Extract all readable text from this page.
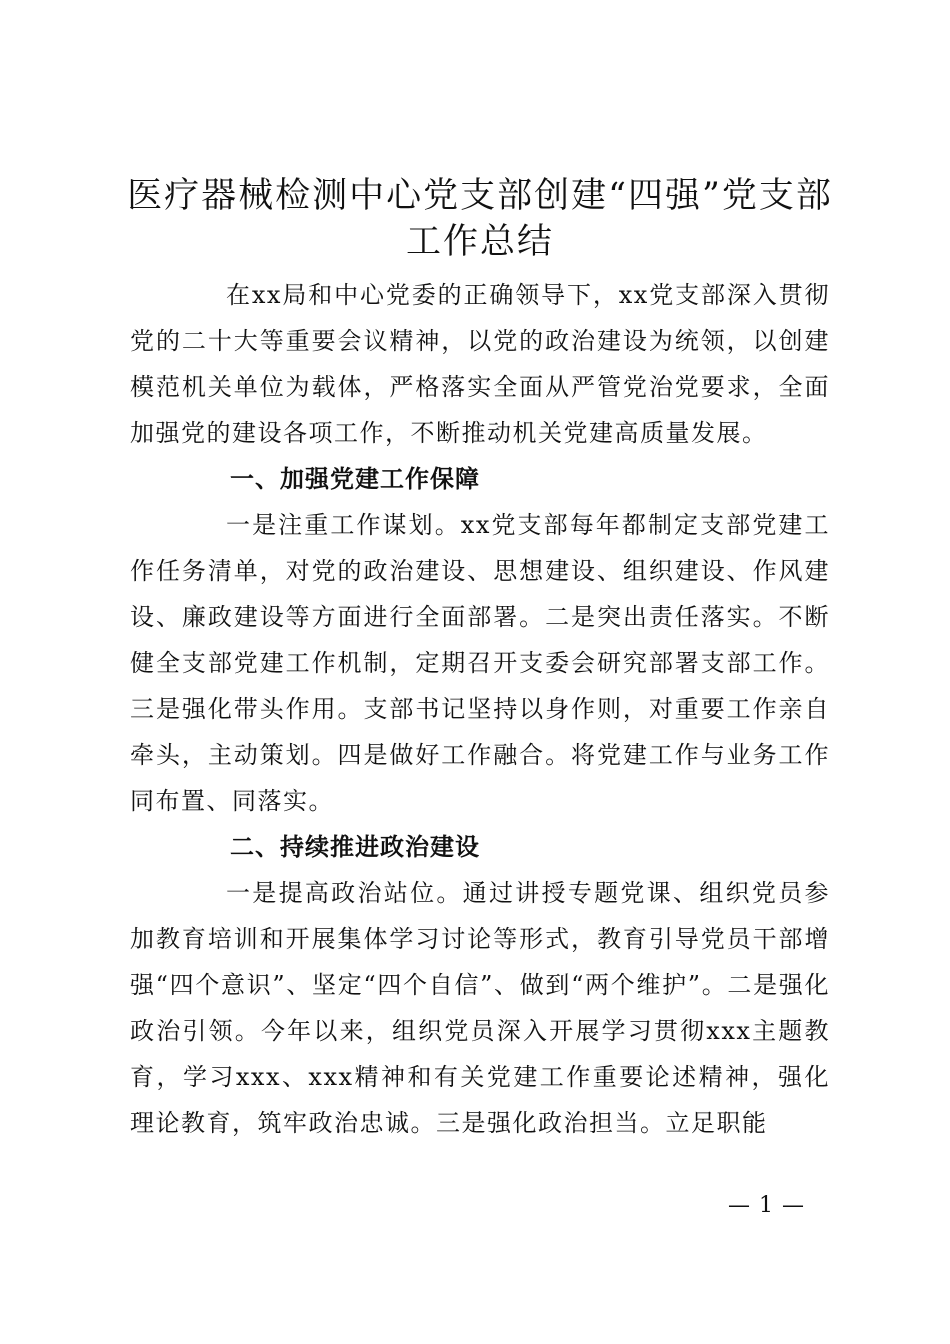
医疗器械检测中心党支部创建“四强”党支部
工作总结

在xx局和中心党委的正确领导下，xx党支部深入贯彻党的二十大等重要会议精神，以党的政治建设为统领，以创建模范机关单位为载体，严格落实全面从严管党治党要求，全面加强党的建设各项工作，不断推动机关党建高质量发展。

一、加强党建工作保障

一是注重工作谋划。xx党支部每年都制定支部党建工作任务清单，对党的政治建设、思想建设、组织建设、作风建设、廉政建设等方面进行全面部署。二是突出责任落实。不断健全支部党建工作机制，定期召开支委会研究部署支部工作。三是强化带头作用。支部书记坚持以身作则，对重要工作亲自牵头，主动策划。四是做好工作融合。将党建工作与业务工作同布置、同落实。

二、持续推进政治建设

一是提高政治站位。通过讲授专题党课、组织党员参加教育培训和开展集体学习讨论等形式，教育引导党员干部增强“四个意识”、坚定“四个自信”、做到“两个维护”。二是强化政治引领。今年以来，组织党员深入开展学习贯彻xxx主题教育，学习xxx、xxx精神和有关党建工作重要论述精神，强化理论教育，筑牢政治忠诚。三是强化政治担当。立足职能

— 1 —
